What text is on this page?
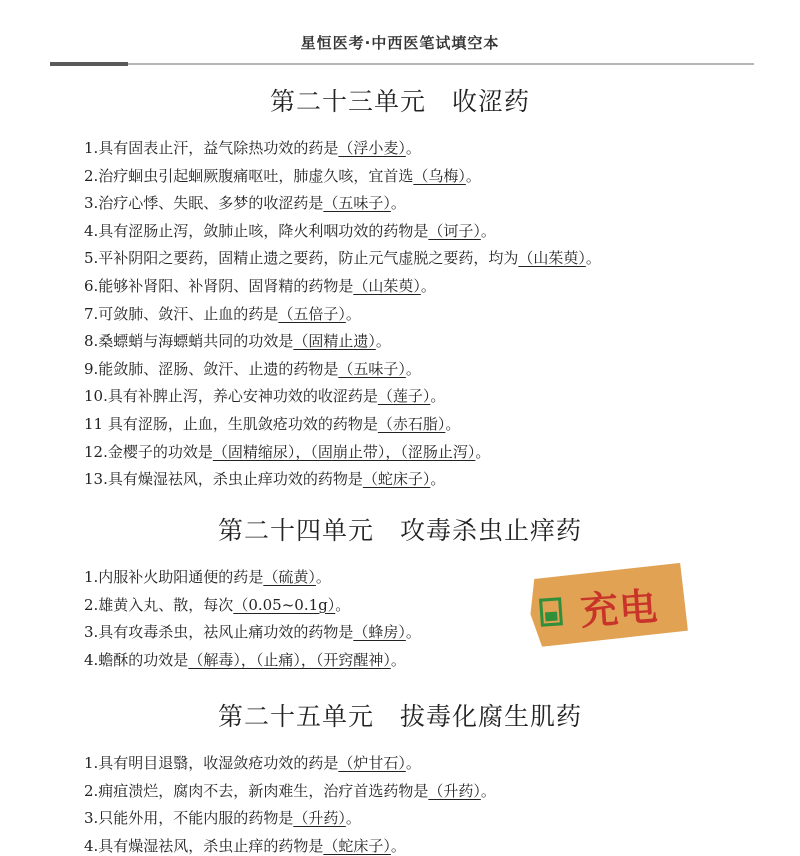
星恒医考·中西医笔试填空本
第二十三单元　收涩药
1.具有固表止汗，益气除热功效的药是（浮小麦）。
2.治疗蛔虫引起蛔厥腹痛呕吐，肺虚久咳，宜首选（乌梅）。
3.治疗心悸、失眠、多梦的收涩药是（五味子）。
4.具有涩肠止泻，敛肺止咳，降火利咽功效的药物是（诃子）。
5.平补阴阳之要药，固精止遗之要药，防止元气虚脱之要药，均为（山茱萸）。
6.能够补肾阳、补肾阴、固肾精的药物是（山茱萸）。
7.可敛肺、敛汗、止血的药是（五倍子）。
8.桑螵蛸与海螵蛸共同的功效是（固精止遗）。
9.能敛肺、涩肠、敛汗、止遗的药物是（五味子）。
10.具有补脾止泻，养心安神功效的收涩药是（莲子）。
11 具有涩肠，止血，生肌敛疮功效的药物是（赤石脂）。
12.金樱子的功效是（固精缩尿），（固崩止带），（涩肠止泻）。
13.具有燥湿祛风，杀虫止痒功效的药物是（蛇床子）。
第二十四单元　攻毒杀虫止痒药
1.内服补火助阳通便的药是（硫黄）。
2.雄黄入丸、散，每次（0.05~0.1g）。
3.具有攻毒杀虫，祛风止痛功效的药物是（蜂房）。
4.蟾酥的功效是（解毒），（止痛），（开窍醒神）。
第二十五单元　拔毒化腐生肌药
1.具有明目退翳，收湿敛疮功效的药是（炉甘石）。
2.痈疽溃烂，腐肉不去，新肉难生，治疗首选药物是（升药）。
3.只能外用，不能内服的药物是（升药）。
4.具有燥湿祛风，杀虫止痒的药物是（蛇床子）。
充电
